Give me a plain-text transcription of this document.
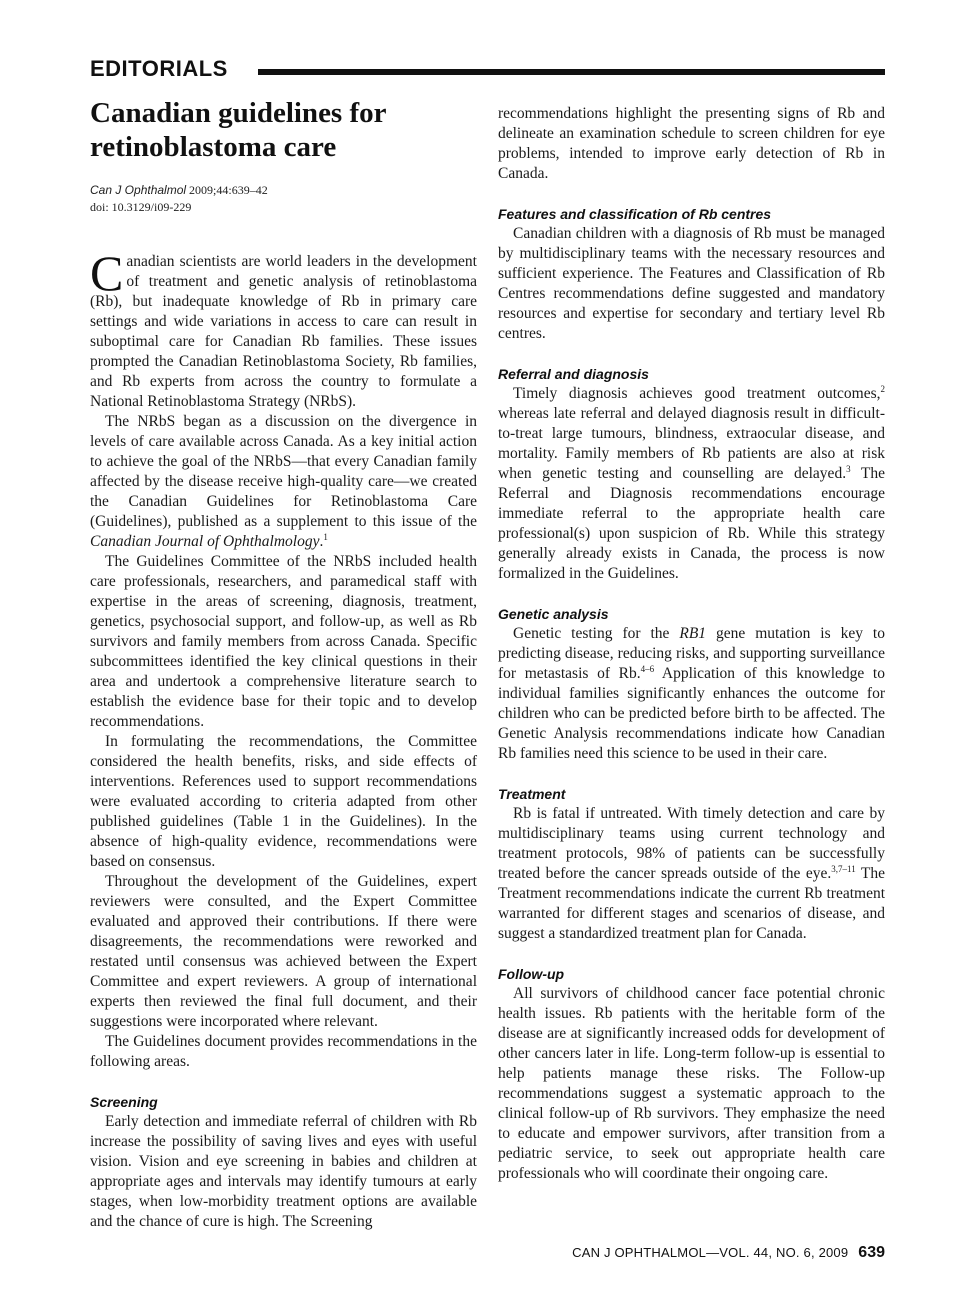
EDITORIALS
Canadian guidelines for retinoblastoma care
Can J Ophthalmol 2009;44:639–42
doi: 10.3129/i09-229

Canadian scientists are world leaders in the development of treatment and genetic analysis of retinoblastoma (Rb), but inadequate knowledge of Rb in primary care settings and wide variations in access to care can result in suboptimal care for Canadian Rb families. These issues prompted the Canadian Retinoblastoma Society, Rb families, and Rb experts from across the country to formulate a National Retinoblastoma Strategy (NRbS).

The NRbS began as a discussion on the divergence in levels of care available across Canada. As a key initial action to achieve the goal of the NRbS—that every Canadian family affected by the disease receive high-quality care—we created the Canadian Guidelines for Retinoblastoma Care (Guidelines), published as a supplement to this issue of the Canadian Journal of Ophthalmology.$^1$

The Guidelines Committee of the NRbS included health care professionals, researchers, and paramedical staff with expertise in the areas of screening, diagnosis, treatment, genetics, psychosocial support, and follow-up, as well as Rb survivors and family members from across Canada. Specific subcommittees identified the key clinical questions in their area and undertook a comprehensive literature search to establish the evidence base for their topic and to develop recommendations.

In formulating the recommendations, the Committee considered the health benefits, risks, and side effects of interventions. References used to support recommendations were evaluated according to criteria adapted from other published guidelines (Table 1 in the Guidelines). In the absence of high-quality evidence, recommendations were based on consensus.

Throughout the development of the Guidelines, expert reviewers were consulted, and the Expert Committee evaluated and approved their contributions. If there were disagreements, the recommendations were reworked and restated until consensus was achieved between the Expert Committee and expert reviewers. A group of international experts then reviewed the final full document, and their suggestions were incorporated where relevant.

The Guidelines document provides recommendations in the following areas.

Screening

Early detection and immediate referral of children with Rb increase the possibility of saving lives and eyes with useful vision. Vision and eye screening in babies and children at appropriate ages and intervals may identify tumours at early stages, when low-morbidity treatment options are available and the chance of cure is high. The Screening

recommendations highlight the presenting signs of Rb and delineate an examination schedule to screen children for eye problems, intended to improve early detection of Rb in Canada.

Features and classification of Rb centres

Canadian children with a diagnosis of Rb must be managed by multidisciplinary teams with the necessary resources and sufficient experience. The Features and Classification of Rb Centres recommendations define suggested and mandatory resources and expertise for secondary and tertiary level Rb centres.

Referral and diagnosis

Timely diagnosis achieves good treatment outcomes,$^2$ whereas late referral and delayed diagnosis result in difficult-to-treat large tumours, blindness, extraocular disease, and mortality. Family members of Rb patients are also at risk when genetic testing and counselling are delayed.$^3$ The Referral and Diagnosis recommendations encourage immediate referral to the appropriate health care professional(s) upon suspicion of Rb. While this strategy generally already exists in Canada, the process is now formalized in the Guidelines.

Genetic analysis

Genetic testing for the RB1 gene mutation is key to predicting disease, reducing risks, and supporting surveillance for metastasis of Rb.$^{4-6}$ Application of this knowledge to individual families significantly enhances the outcome for children who can be predicted before birth to be affected. The Genetic Analysis recommendations indicate how Canadian Rb families need this science to be used in their care.

Treatment

Rb is fatal if untreated. With timely detection and care by multidisciplinary teams using current technology and treatment protocols, 98% of patients can be successfully treated before the cancer spreads outside of the eye.$^{3,7-11}$ The Treatment recommendations indicate the current Rb treatment warranted for different stages and scenarios of disease, and suggest a standardized treatment plan for Canada.

Follow-up

All survivors of childhood cancer face potential chronic health issues. Rb patients with the heritable form of the disease are at significantly increased odds for development of other cancers later in life. Long-term follow-up is essential to help patients manage these risks. The Follow-up recommendations suggest a systematic approach to the clinical follow-up of Rb survivors. They emphasize the need to educate and empower survivors, after transition from a pediatric service, to seek out appropriate health care professionals who will coordinate their ongoing care.

CAN J OPHTHALMOL—VOL. 44, NO. 6, 2009 639
